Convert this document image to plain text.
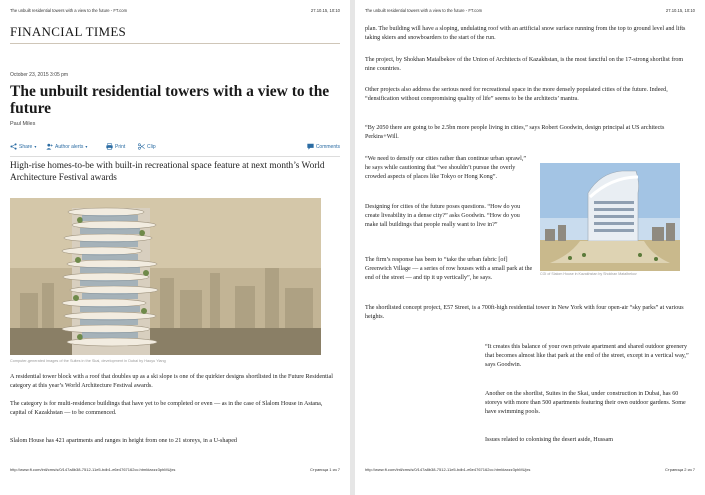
The unbuilt residential towers with a view to the future - FT.com	27.10.15, 10:10
FINANCIAL TIMES
October 23, 2015 3:05 pm
The unbuilt residential towers with a view to the future
Paul Miles
Share ▾	Author alerts ▾	Print	Clip	Comments

High-rise homes-to-be with built-in recreational space feature at next month’s World Architecture Festival awards

Computer-generated images of the Suites in the Skai, development in Dubai by Haoyu Yiang

A residential tower block with a roof that doubles up as a ski slope is one of the quirkier designs shortlisted in the Future Residential category at this year’s World Architecture Festival awards.

The category is for multi-residence buildings that have yet to be completed or even — as in the case of Slalom House in Astana, capital of Kazakhstan — to be commenced.

Slalom House has 421 apartments and ranges in height from one to 21 storeys, in a U-shaped

http://www.ft.com/intl/cms/s/0/147a8b38-7512-11e5-bdb1-e6e4767162cc.html#axzz3phMUjxs	Страница 1 из 7
The unbuilt residential towers with a view to the future - FT.com	27.10.15, 10:10

plan. The building will have a sloping, undulating roof with an artificial snow surface running from the top to ground level and lifts taking skiers and snowboarders to the start of the run.

The project, by Shokhan Matalbekov of the Union of Architects of Kazakhstan, is the most fanciful on the 17-strong shortlist from nine countries.

Other projects also address the serious need for recreational space in the more densely populated cities of the future. Indeed, “densification without compromising quality of life” seems to be the architects’ mantra.

“By 2050 there are going to be 2.5bn more people living in cities,” says Robert Goodwin, design principal at US architects Perkins+Will.

“We need to densify our cities rather than continue urban sprawl,” he says while cautioning that “we shouldn’t pursue the overly crowded aspects of places like Tokyo or Hong Kong”.

Designing for cities of the future poses questions. “How do you create liveability in a dense city?” asks Goodwin. “How do you make tall buildings that people really want to live in?”

The firm’s response has been to “take the urban fabric [of] Greenwich Village — a series of row houses with a small park at the end of the street — and tip it up vertically”, he says.

CGI of Slalom House in Kazakhstan by Shokhan Matalbekov

The shortlisted concept project, E57 Street, is a 700ft-high residential tower in New York with four open-air “sky parks” at various heights.

“It creates this balance of your own private apartment and shared outdoor greenery that becomes almost like that park at the end of the street, except in a vertical way,” says Goodwin.

Another on the shortlist, Suites in the Skai, under construction in Dubai, has 60 storeys with more than 500 apartments featuring their own outdoor gardens. Some have swimming pools.

Issues related to colonising the desert aside, Hussam

http://www.ft.com/intl/cms/s/0/147a8b38-7512-11e5-bdb1-e6e4767162cc.html#axzz3phMUjxs	Страница 2 из 7
